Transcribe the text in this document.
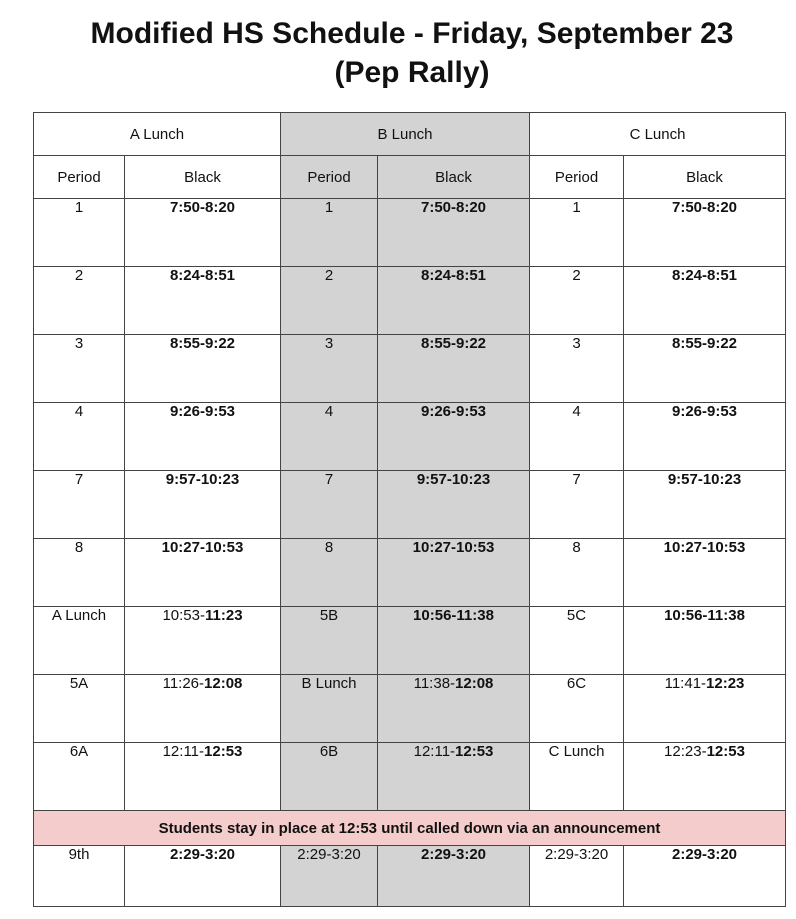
Modified HS Schedule - Friday, September 23
(Pep Rally)
A Lunch		B Lunch		C Lunch	
Period	Black	Period	Black	Period	Black
1	7:50-8:20	1	7:50-8:20	1	7:50-8:20
2	8:24-8:51	2	8:24-8:51	2	8:24-8:51
3	8:55-9:22	3	8:55-9:22	3	8:55-9:22
4	9:26-9:53	4	9:26-9:53	4	9:26-9:53
7	9:57-10:23	7	9:57-10:23	7	9:57-10:23
8	10:27-10:53	8	10:27-10:53	8	10:27-10:53
A Lunch	10:53-11:23	5B	10:56-11:38	5C	10:56-11:38
5A	11:26-12:08	B Lunch	11:38-12:08	6C	11:41-12:23
6A	12:11-12:53	6B	12:11-12:53	C Lunch	12:23-12:53
Students stay in place at 12:53 until called down via an announcement					
9th	2:29-3:20	2:29-3:20	2:29-3:20	2:29-3:20	2:29-3:20
